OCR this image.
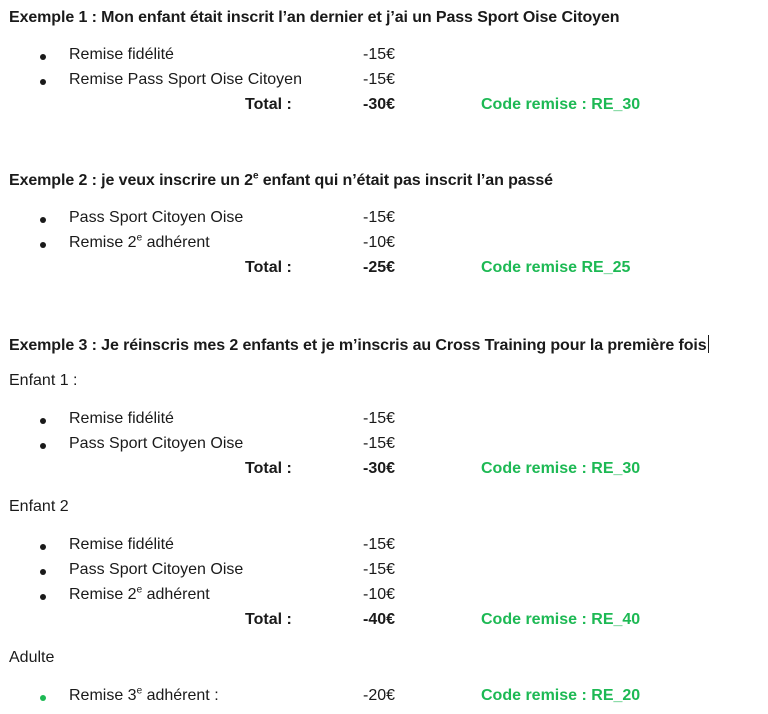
Exemple 1 : Mon enfant était inscrit l’an dernier et j’ai un Pass Sport Oise Citoyen
Remise fidélité	-15€
Remise Pass Sport Oise Citoyen	-15€
Total :	-30€	Code remise : RE_30
Exemple 2 : je veux inscrire un 2e enfant qui n’était pas inscrit l’an passé
Pass Sport Citoyen Oise	-15€
Remise 2e adhérent	-10€
Total :	-25€	Code remise RE_25
Exemple 3 : Je réinscris mes 2 enfants et je m’inscris au Cross Training pour la première fois
Enfant 1 :
Remise fidélité	-15€
Pass Sport Citoyen Oise	-15€
Total :	-30€	Code remise : RE_30
Enfant 2
Remise fidélité	-15€
Pass Sport Citoyen Oise	-15€
Remise 2e adhérent	-10€
Total :	-40€	Code remise : RE_40
Adulte
Remise 3e adhérent :	-20€	Code remise : RE_20
